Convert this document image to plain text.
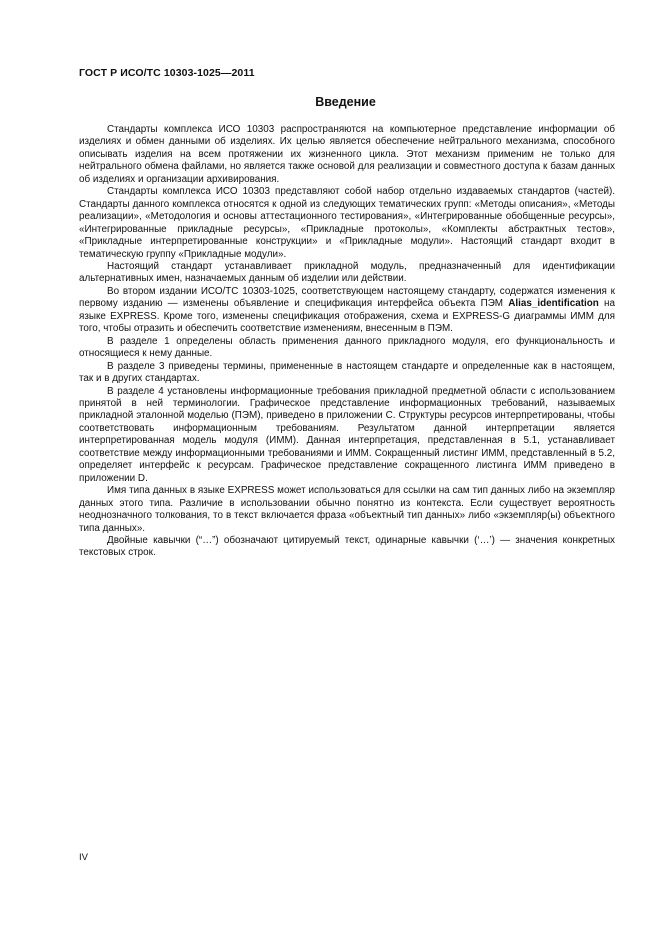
ГОСТ Р ИСО/ТС 10303-1025—2011
Введение

Стандарты комплекса ИСО 10303 распространяются на компьютерное представление информации об изделиях и обмен данными об изделиях. Их целью является обеспечение нейтрального механизма, способного описывать изделия на всем протяжении их жизненного цикла. Этот механизм применим не только для нейтрального обмена файлами, но является также основой для реализации и совместного доступа к базам данных об изделиях и организации архивирования.

Стандарты комплекса ИСО 10303 представляют собой набор отдельно издаваемых стандартов (частей). Стандарты данного комплекса относятся к одной из следующих тематических групп: «Методы описания», «Методы реализации», «Методология и основы аттестационного тестирования», «Интегрированные обобщенные ресурсы», «Интегрированные прикладные ресурсы», «Прикладные протоколы», «Комплекты абстрактных тестов», «Прикладные интерпретированные конструкции» и «Прикладные модули». Настоящий стандарт входит в тематическую группу «Прикладные модули».

Настоящий стандарт устанавливает прикладной модуль, предназначенный для идентификации альтернативных имен, назначаемых данным об изделии или действии.

Во втором издании ИСО/ТС 10303-1025, соответствующем настоящему стандарту, содержатся изменения к первому изданию — изменены объявление и спецификация интерфейса объекта ПЭМ Alias_identification на языке EXPRESS. Кроме того, изменены спецификация отображения, схема и EXPRESS-G диаграммы ИММ для того, чтобы отразить и обеспечить соответствие изменениям, внесенным в ПЭМ.

В разделе 1 определены область применения данного прикладного модуля, его функциональность и относящиеся к нему данные.

В разделе 3 приведены термины, примененные в настоящем стандарте и определенные как в настоящем, так и в других стандартах.

В разделе 4 установлены информационные требования прикладной предметной области с использованием принятой в ней терминологии. Графическое представление информационных требований, называемых прикладной эталонной моделью (ПЭМ), приведено в приложении С. Структуры ресурсов интерпретированы, чтобы соответствовать информационным требованиям. Результатом данной интерпретации является интерпретированная модель модуля (ИММ). Данная интерпретация, представленная в 5.1, устанавливает соответствие между информационными требованиями и ИММ. Сокращенный листинг ИММ, представленный в 5.2, определяет интерфейс к ресурсам. Графическое представление сокращенного листинга ИММ приведено в приложении D.

Имя типа данных в языке EXPRESS может использоваться для ссылки на сам тип данных либо на экземпляр данных этого типа. Различие в использовании обычно понятно из контекста. Если существует вероятность неоднозначного толкования, то в текст включается фраза «объектный тип данных» либо «экземпляр(ы) объектного типа данных».

Двойные кавычки (“…”) обозначают цитируемый текст, одинарные кавычки (‘…’) — значения конкретных текстовых строк.

IV
